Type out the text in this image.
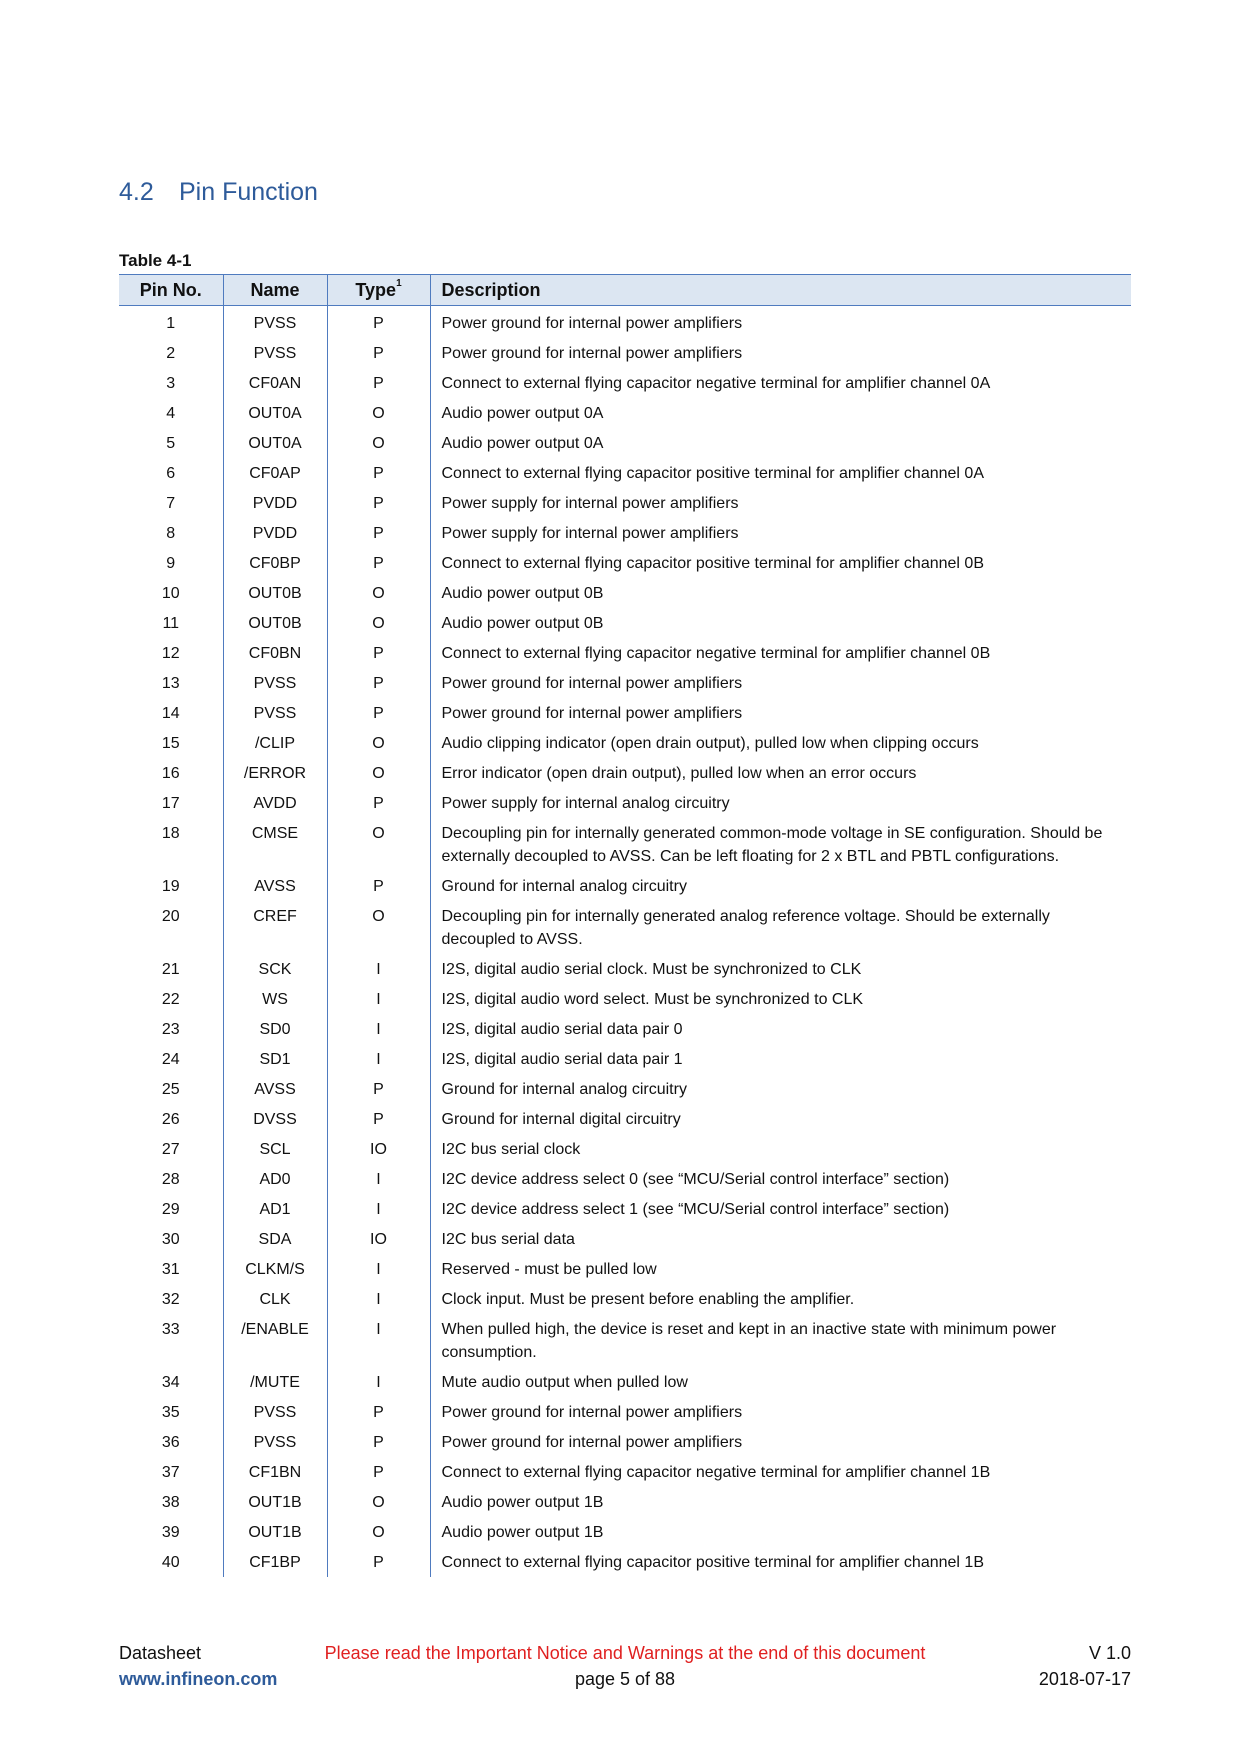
4.2 Pin Function
Table 4-1
Pin No.	Name	Type$^1$	Description
1	PVSS	P	Power ground for internal power amplifiers
2	PVSS	P	Power ground for internal power amplifiers
3	CF0AN	P	Connect to external flying capacitor negative terminal for amplifier channel 0A
4	OUT0A	O	Audio power output 0A
5	OUT0A	O	Audio power output 0A
6	CF0AP	P	Connect to external flying capacitor positive terminal for amplifier channel 0A
7	PVDD	P	Power supply for internal power amplifiers
8	PVDD	P	Power supply for internal power amplifiers
9	CF0BP	P	Connect to external flying capacitor positive terminal for amplifier channel 0B
10	OUT0B	O	Audio power output 0B
11	OUT0B	O	Audio power output 0B
12	CF0BN	P	Connect to external flying capacitor negative terminal for amplifier channel 0B
13	PVSS	P	Power ground for internal power amplifiers
14	PVSS	P	Power ground for internal power amplifiers
15	/CLIP	O	Audio clipping indicator (open drain output), pulled low when clipping occurs
16	/ERROR	O	Error indicator (open drain output), pulled low when an error occurs
17	AVDD	P	Power supply for internal analog circuitry
18	CMSE	O	Decoupling pin for internally generated common-mode voltage in SE configuration. Should be externally decoupled to AVSS. Can be left floating for 2 x BTL and PBTL configurations.
19	AVSS	P	Ground for internal analog circuitry
20	CREF	O	Decoupling pin for internally generated analog reference voltage. Should be externally decoupled to AVSS.
21	SCK	I	I2S, digital audio serial clock. Must be synchronized to CLK
22	WS	I	I2S, digital audio word select. Must be synchronized to CLK
23	SD0	I	I2S, digital audio serial data pair 0
24	SD1	I	I2S, digital audio serial data pair 1
25	AVSS	P	Ground for internal analog circuitry
26	DVSS	P	Ground for internal digital circuitry
27	SCL	IO	I2C bus serial clock
28	AD0	I	I2C device address select 0 (see “MCU/Serial control interface” section)
29	AD1	I	I2C device address select 1 (see “MCU/Serial control interface” section)
30	SDA	IO	I2C bus serial data
31	CLKM/S	I	Reserved - must be pulled low
32	CLK	I	Clock input. Must be present before enabling the amplifier.
33	/ENABLE	I	When pulled high, the device is reset and kept in an inactive state with minimum power consumption.
34	/MUTE	I	Mute audio output when pulled low
35	PVSS	P	Power ground for internal power amplifiers
36	PVSS	P	Power ground for internal power amplifiers
37	CF1BN	P	Connect to external flying capacitor negative terminal for amplifier channel 1B
38	OUT1B	O	Audio power output 1B
39	OUT1B	O	Audio power output 1B
40	CF1BP	P	Connect to external flying capacitor positive terminal for amplifier channel 1B
Datasheet	Please read the Important Notice and Warnings at the end of this document	V 1.0
www.infineon.com	page 5 of 88	2018-07-17
